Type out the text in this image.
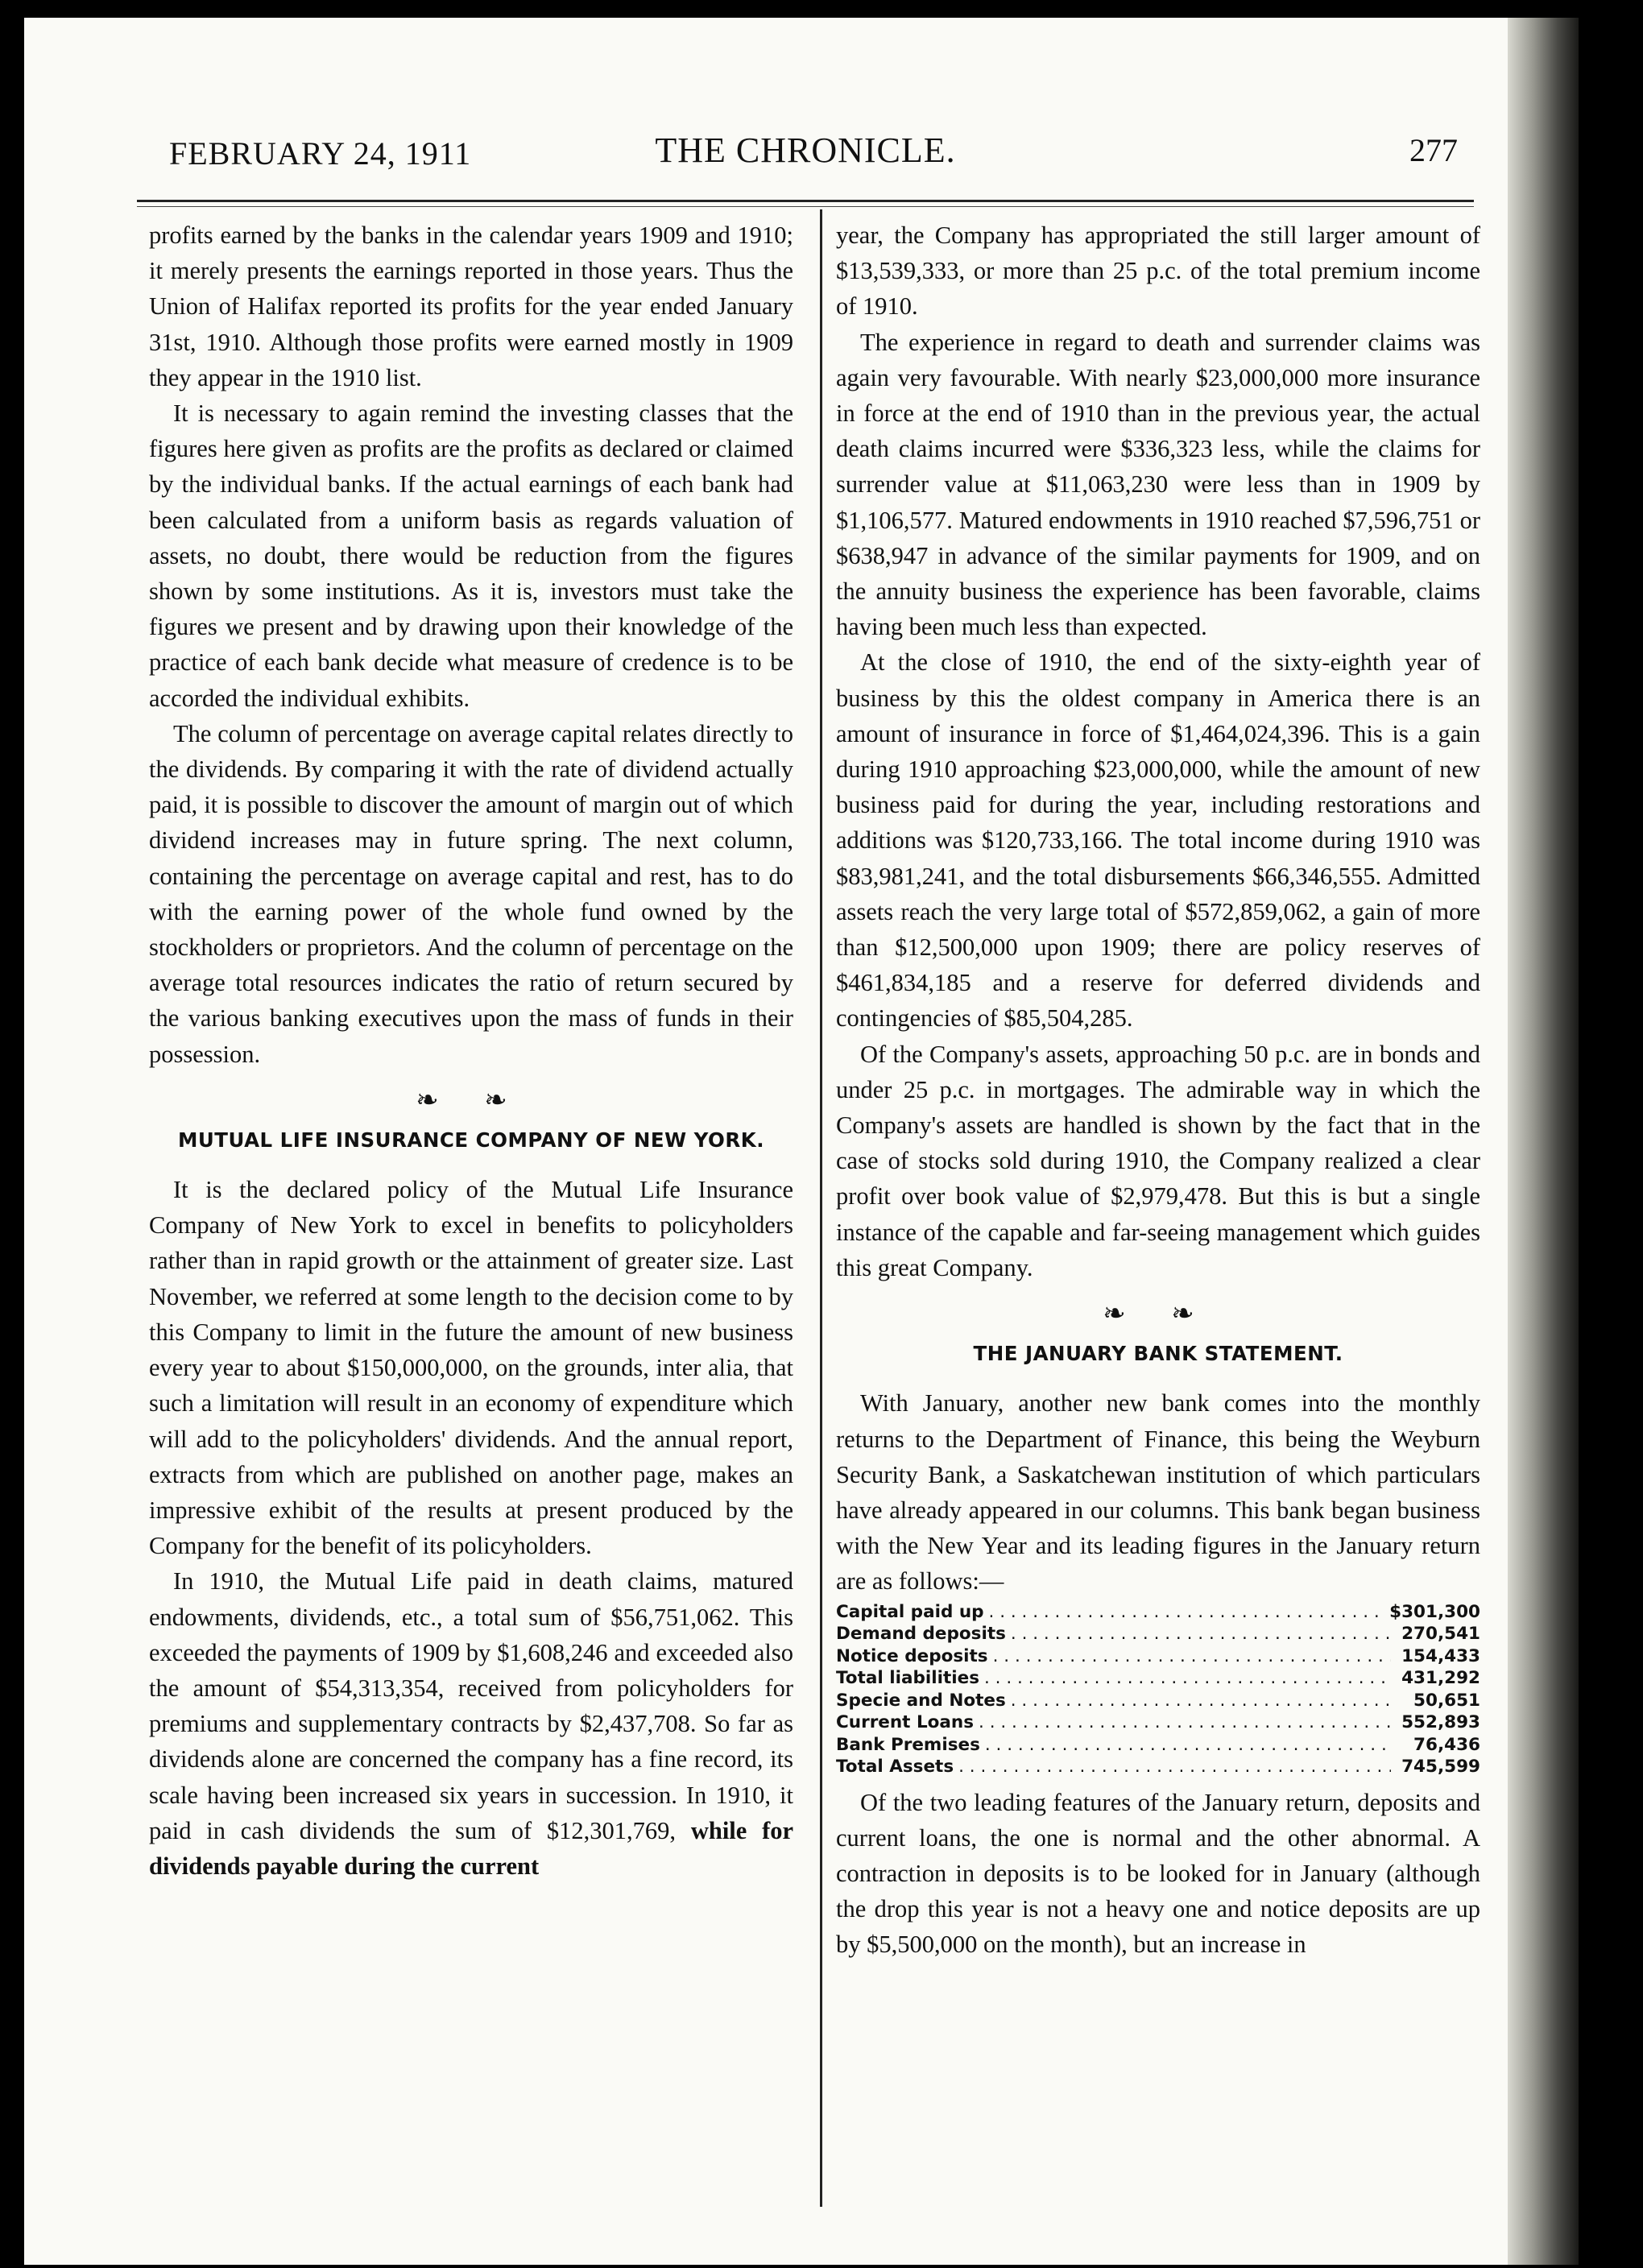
FEBRUARY 24, 1911	THE CHRONICLE.	277

profits earned by the banks in the calendar years 1909 and 1910; it merely presents the earnings reported in those years. Thus the Union of Halifax reported its profits for the year ended January 31st, 1910. Although those profits were earned mostly in 1909 they appear in the 1910 list.

It is necessary to again remind the investing classes that the figures here given as profits are the profits as declared or claimed by the individual banks. If the actual earnings of each bank had been calculated from a uniform basis as regards valuation of assets, no doubt, there would be reduction from the figures shown by some institutions. As it is, investors must take the figures we present and by drawing upon their knowledge of the practice of each bank decide what measure of credence is to be accorded the individual exhibits.

The column of percentage on average capital relates directly to the dividends. By comparing it with the rate of dividend actually paid, it is possible to discover the amount of margin out of which dividend increases may in future spring. The next column, containing the percentage on average capital and rest, has to do with the earning power of the whole fund owned by the stockholders or proprietors. And the column of percentage on the average total resources indicates the ratio of return secured by the various banking executives upon the mass of funds in their possession.

❧ ❧
MUTUAL LIFE INSURANCE COMPANY OF NEW YORK.

It is the declared policy of the Mutual Life Insurance Company of New York to excel in benefits to policyholders rather than in rapid growth or the attainment of greater size. Last November, we referred at some length to the decision come to by this Company to limit in the future the amount of new business every year to about $150,000,000, on the grounds, inter alia, that such a limitation will result in an economy of expenditure which will add to the policyholders' dividends. And the annual report, extracts from which are published on another page, makes an impressive exhibit of the results at present produced by the Company for the benefit of its policyholders.

In 1910, the Mutual Life paid in death claims, matured endowments, dividends, etc., a total sum of $56,751,062. This exceeded the payments of 1909 by $1,608,246 and exceeded also the amount of $54,313,354, received from policyholders for premiums and supplementary contracts by $2,437,708. So far as dividends alone are concerned the company has a fine record, its scale having been increased six years in succession. In 1910, it paid in cash dividends the sum of $12,301,769, while for dividends payable during the current

year, the Company has appropriated the still larger amount of $13,539,333, or more than 25 p.c. of the total premium income of 1910.

The experience in regard to death and surrender claims was again very favourable. With nearly $23,000,000 more insurance in force at the end of 1910 than in the previous year, the actual death claims incurred were $336,323 less, while the claims for surrender value at $11,063,230 were less than in 1909 by $1,106,577. Matured endowments in 1910 reached $7,596,751 or $638,947 in advance of the similar payments for 1909, and on the annuity business the experience has been favorable, claims having been much less than expected.

At the close of 1910, the end of the sixty-eighth year of business by this the oldest company in America there is an amount of insurance in force of $1,464,024,396. This is a gain during 1910 approaching $23,000,000, while the amount of new business paid for during the year, including restorations and additions was $120,733,166. The total income during 1910 was $83,981,241, and the total disbursements $66,346,555. Admitted assets reach the very large total of $572,859,062, a gain of more than $12,500,000 upon 1909; there are policy reserves of $461,834,185 and a reserve for deferred dividends and contingencies of $85,504,285.

Of the Company's assets, approaching 50 p.c. are in bonds and under 25 p.c. in mortgages. The admirable way in which the Company's assets are handled is shown by the fact that in the case of stocks sold during 1910, the Company realized a clear profit over book value of $2,979,478. But this is but a single instance of the capable and far-seeing management which guides this great Company.

❧ ❧
THE JANUARY BANK STATEMENT.

With January, another new bank comes into the monthly returns to the Department of Finance, this being the Weyburn Security Bank, a Saskatchewan institution of which particulars have already appeared in our columns. This bank began business with the New Year and its leading figures in the January return are as follows:—

Capital paid up . . .	$301,300
Demand deposits . . .	270,541
Notice deposits . . .	154,433
Total liabilities . . .	431,292
Specie and Notes . . .	50,651
Current Loans . . .	552,893
Bank Premises . . .	76,436
Total Assets . . .	745,599

Of the two leading features of the January return, deposits and current loans, the one is normal and the other abnormal. A contraction in deposits is to be looked for in January (although the drop this year is not a heavy one and notice deposits are up by $5,500,000 on the month), but an increase in
